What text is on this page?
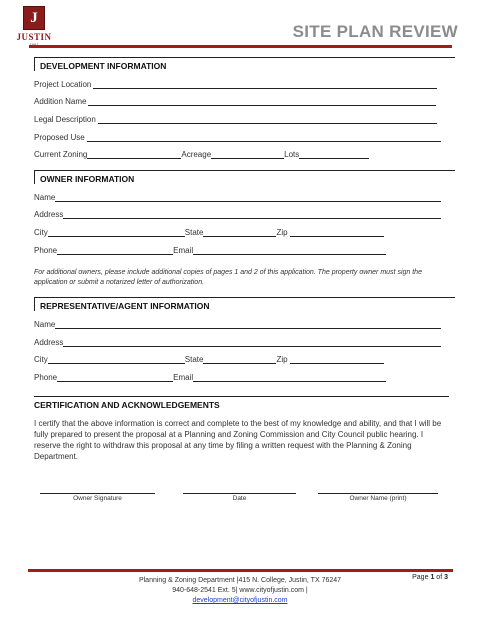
J
JUSTIN	SITE PLAN REVIEW
DEVELOPMENT INFORMATION
Project Location
Addition Name
Legal Description
Proposed Use
Current Zoning	Acreage	Lots
OWNER INFORMATION
Name
Address
City	State	Zip
Phone	Email
For additional owners, please include additional copies of pages 1 and 2 of this application. The property owner must sign the application or submit a notarized letter of authorization.
REPRESENTATIVE/AGENT INFORMATION
Name
Address
City	State	Zip
Phone	Email
CERTIFICATION AND ACKNOWLEDGEMENTS
I certify that the above information is correct and complete to the best of my knowledge and ability, and that I will be fully prepared to present the proposal at a Planning and Zoning Commission and City Council public hearing. I reserve the right to withdraw this proposal at any time by filing a written request with the Planning & Zoning Department.
Owner Signature	Date	Owner Name (print)
Planning & Zoning Department |415 N. College, Justin, TX 76247
940-648-2541 Ext. 5| www.cityofjustin.com |
development@cityofjustin.com
Page 1 of 3
